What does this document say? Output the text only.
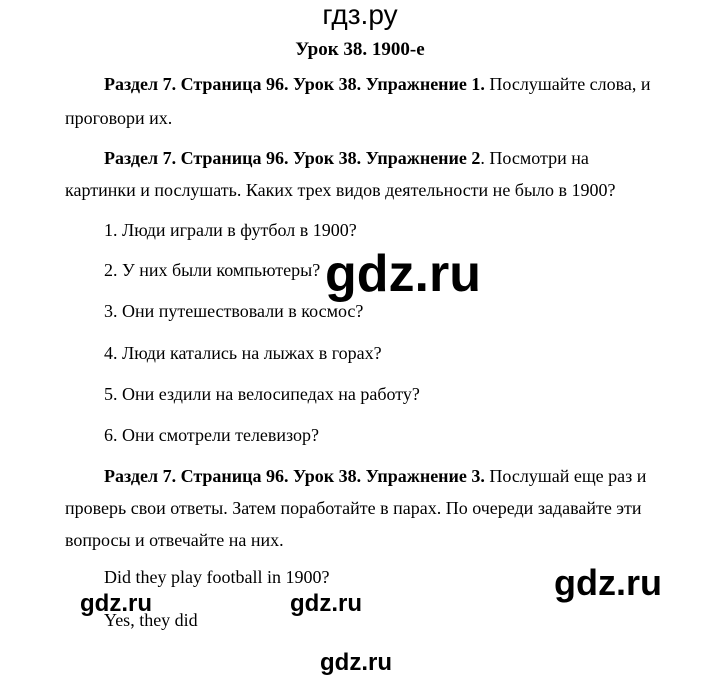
гдз.ру
Урок 38. 1900-е
Раздел 7. Страница 96. Урок 38. Упражнение 1. Послушайте слова, и
проговори их.
Раздел 7. Страница 96. Урок 38. Упражнение 2. Посмотри на
картинки и послушать. Каких трех видов деятельности не было в 1900?
1. Люди играли в футбол в 1900?
2. У них были компьютеры?
3. Они путешествовали в космос?
4. Люди катались на лыжах в горах?
5. Они ездили на велосипедах на работу?
6. Они смотрели телевизор?
Раздел 7. Страница 96. Урок 38. Упражнение 3. Послушай еще раз и
проверь свои ответы. Затем поработайте в парах. По очереди задавайте эти
вопросы и отвечайте на них.
Did they play football in 1900?
Yes, they did
gdz.ru
gdz.ru
gdz.ru	gdz.ru
gdz.ru
